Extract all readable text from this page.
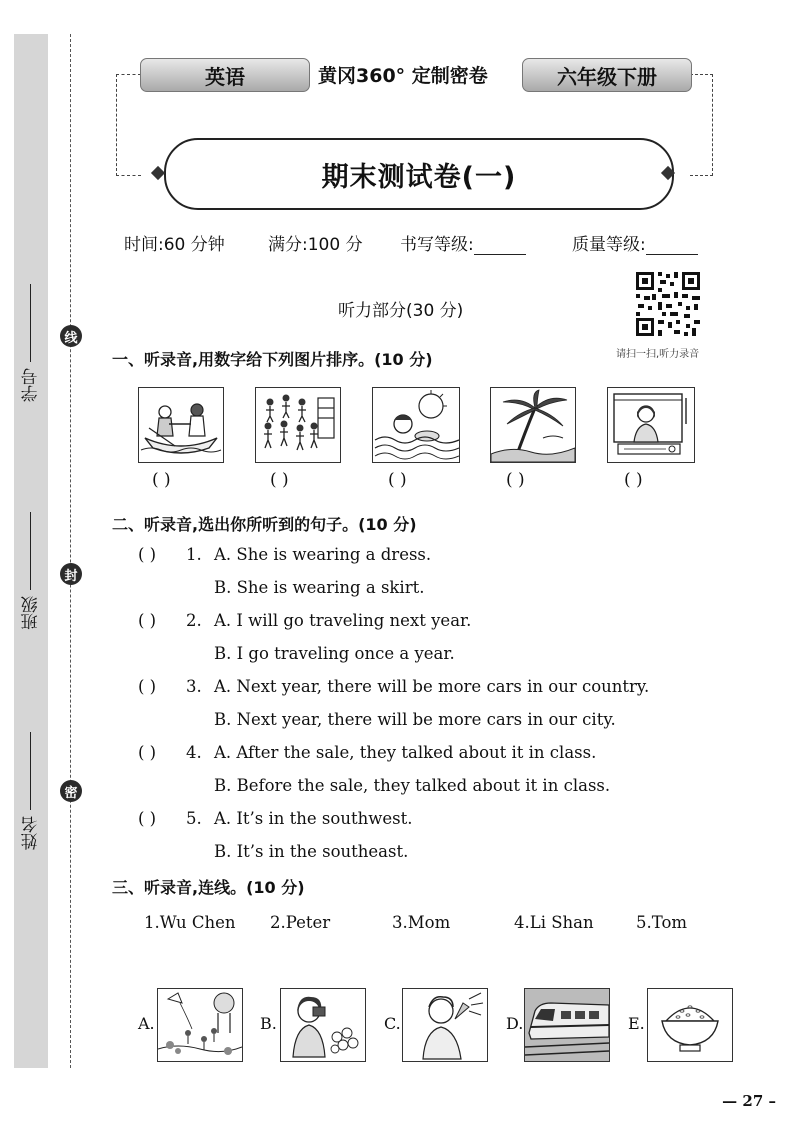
学号
班级
姓名
线
封
密
英语	黄冈360° 定制密卷	六年级下册
期末测试卷(一)
时间:60 分钟	满分:100 分 书写等级:	质量等级:
听力部分(30 分)
请扫一扫,听力录音
一、听录音,用数字给下列图片排序。(10 分)
( )	( )	( )	( )	( )
二、听录音,选出你所听到的句子。(10 分)
( ) 1. A. She is wearing a dress.
B. She is wearing a skirt.
( ) 2. A. I will go traveling next year.
B. I go traveling once a year.
( ) 3. A. Next year, there will be more cars in our country.
B. Next year, there will be more cars in our city.
( ) 4. A. After the sale, they talked about it in class.
B. Before the sale, they talked about it in class.
( ) 5. A. It’s in the southwest.
B. It’s in the southeast.
三、听录音,连线。(10 分)
1.Wu Chen 2.Peter	3.Mom	4.Li Shan	5.Tom
A.	B.	C.	D.	E.
— 27 –
